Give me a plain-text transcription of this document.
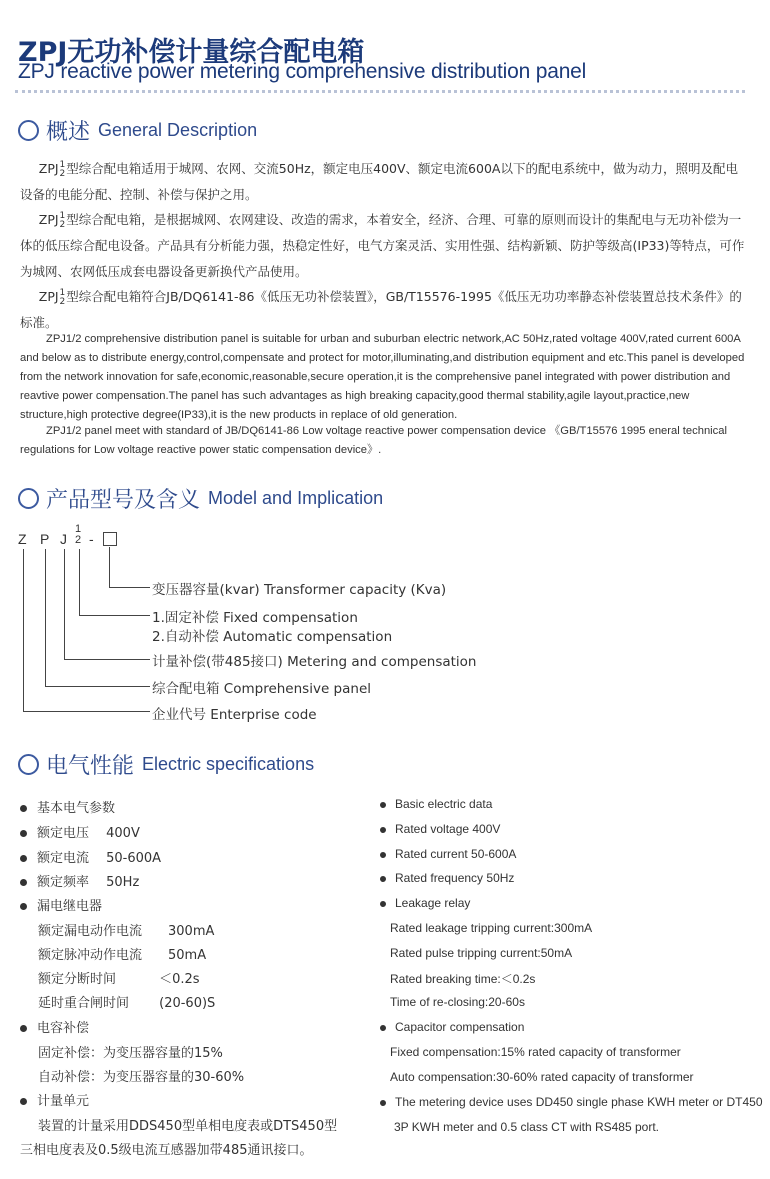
ZPJ无功补偿计量综合配电箱
ZPJ reactive power metering comprehensive distribution panel
概述 General Description
  ZPJ 1
2 型综合配电箱适用于城网、农网、交流50Hz，额定电压400V、额定电流600A以下的配电系统中，做为动力，照明及配电设备的电能分配、控制、补偿与保护之用。
  ZPJ 1
2 型综合配电箱，是根据城网、农网建设、改造的需求，本着安全，经济、合理、可靠的原则而设计的集配电与无功补偿为一体的低压综合配电设备。产品具有分析能力强，热稳定性好，电气方案灵活、实用性强、结构新颖、防护等级高(IP33)等特点，可作为城网、农网低压成套电器设备更新换代产品使用。
  ZPJ 1
2 型综合配电箱符合JB/DQ6141-86《低压无功补偿装置》，GB/T15576-1995《低压无功功率静态补偿装置总技术条件》的标准。
ZPJ1/2 comprehensive distribution panel is suitable for urban and suburban electric network,AC 50Hz,rated voltage 400V,rated current 600A and below as to distribute energy,control,compensate and protect for motor,illuminating,and distribution equipment and etc.This panel is developed from the network innovation for safe,economic,reasonable,secure operation,it is the comprehensive panel integrated with power distribution and reavtive power compensation.The panel has such advantages as high breaking capacity,good thermal stability,agile layout,practice,new structure,high protective degree(IP33),it is the new products in replace of old generation.
ZPJ1/2 panel meet with standard of JB/DQ6141-86 Low voltage reactive power compensation device 《GB/T15576 1995 eneral technical regulations for Low voltage reactive power static compensation device》.
产品型号及含义 Model and Implication
Z P J
1
2 -
变压器容量(kvar) Transformer capacity (Kva)
1.固定补偿 Fixed compensation
2.自动补偿 Automatic compensation
计量补偿(带485接口) Metering and compensation
综合配电箱 Comprehensive panel
企业代号 Enterprise code
电气性能 Electric specifications
基本电气参数
额定电压　 400V
额定电流　 50-600A
额定频率　 50Hz
漏电继电器
额定漏电动作电流　　300mA
额定脉冲动作电流　　50mA
额定分断时间　　　 ＜0.2s
延时重合闸时间　　 (20-60)S
电容补偿
固定补偿：为变压器容量的15%
自动补偿：为变压器容量的30-60%
计量单元
装置的计量采用DDS450型单相电度表或DTS450型
三相电度表及0.5级电流互感器加带485通讯接口。
Basic electric data
Rated voltage 400V
Rated current 50-600A
Rated frequency 50Hz
Leakage relay
Rated leakage tripping current:300mA
Rated pulse tripping current:50mA
Rated breaking time:＜0.2s
Time of re-closing:20-60s
Capacitor compensation
Fixed compensation:15% rated capacity of transformer
Auto compensation:30-60% rated capacity of transformer
The metering device uses DD450 single phase KWH meter or DT450
3P KWH meter and 0.5 class CT with RS485 port.
